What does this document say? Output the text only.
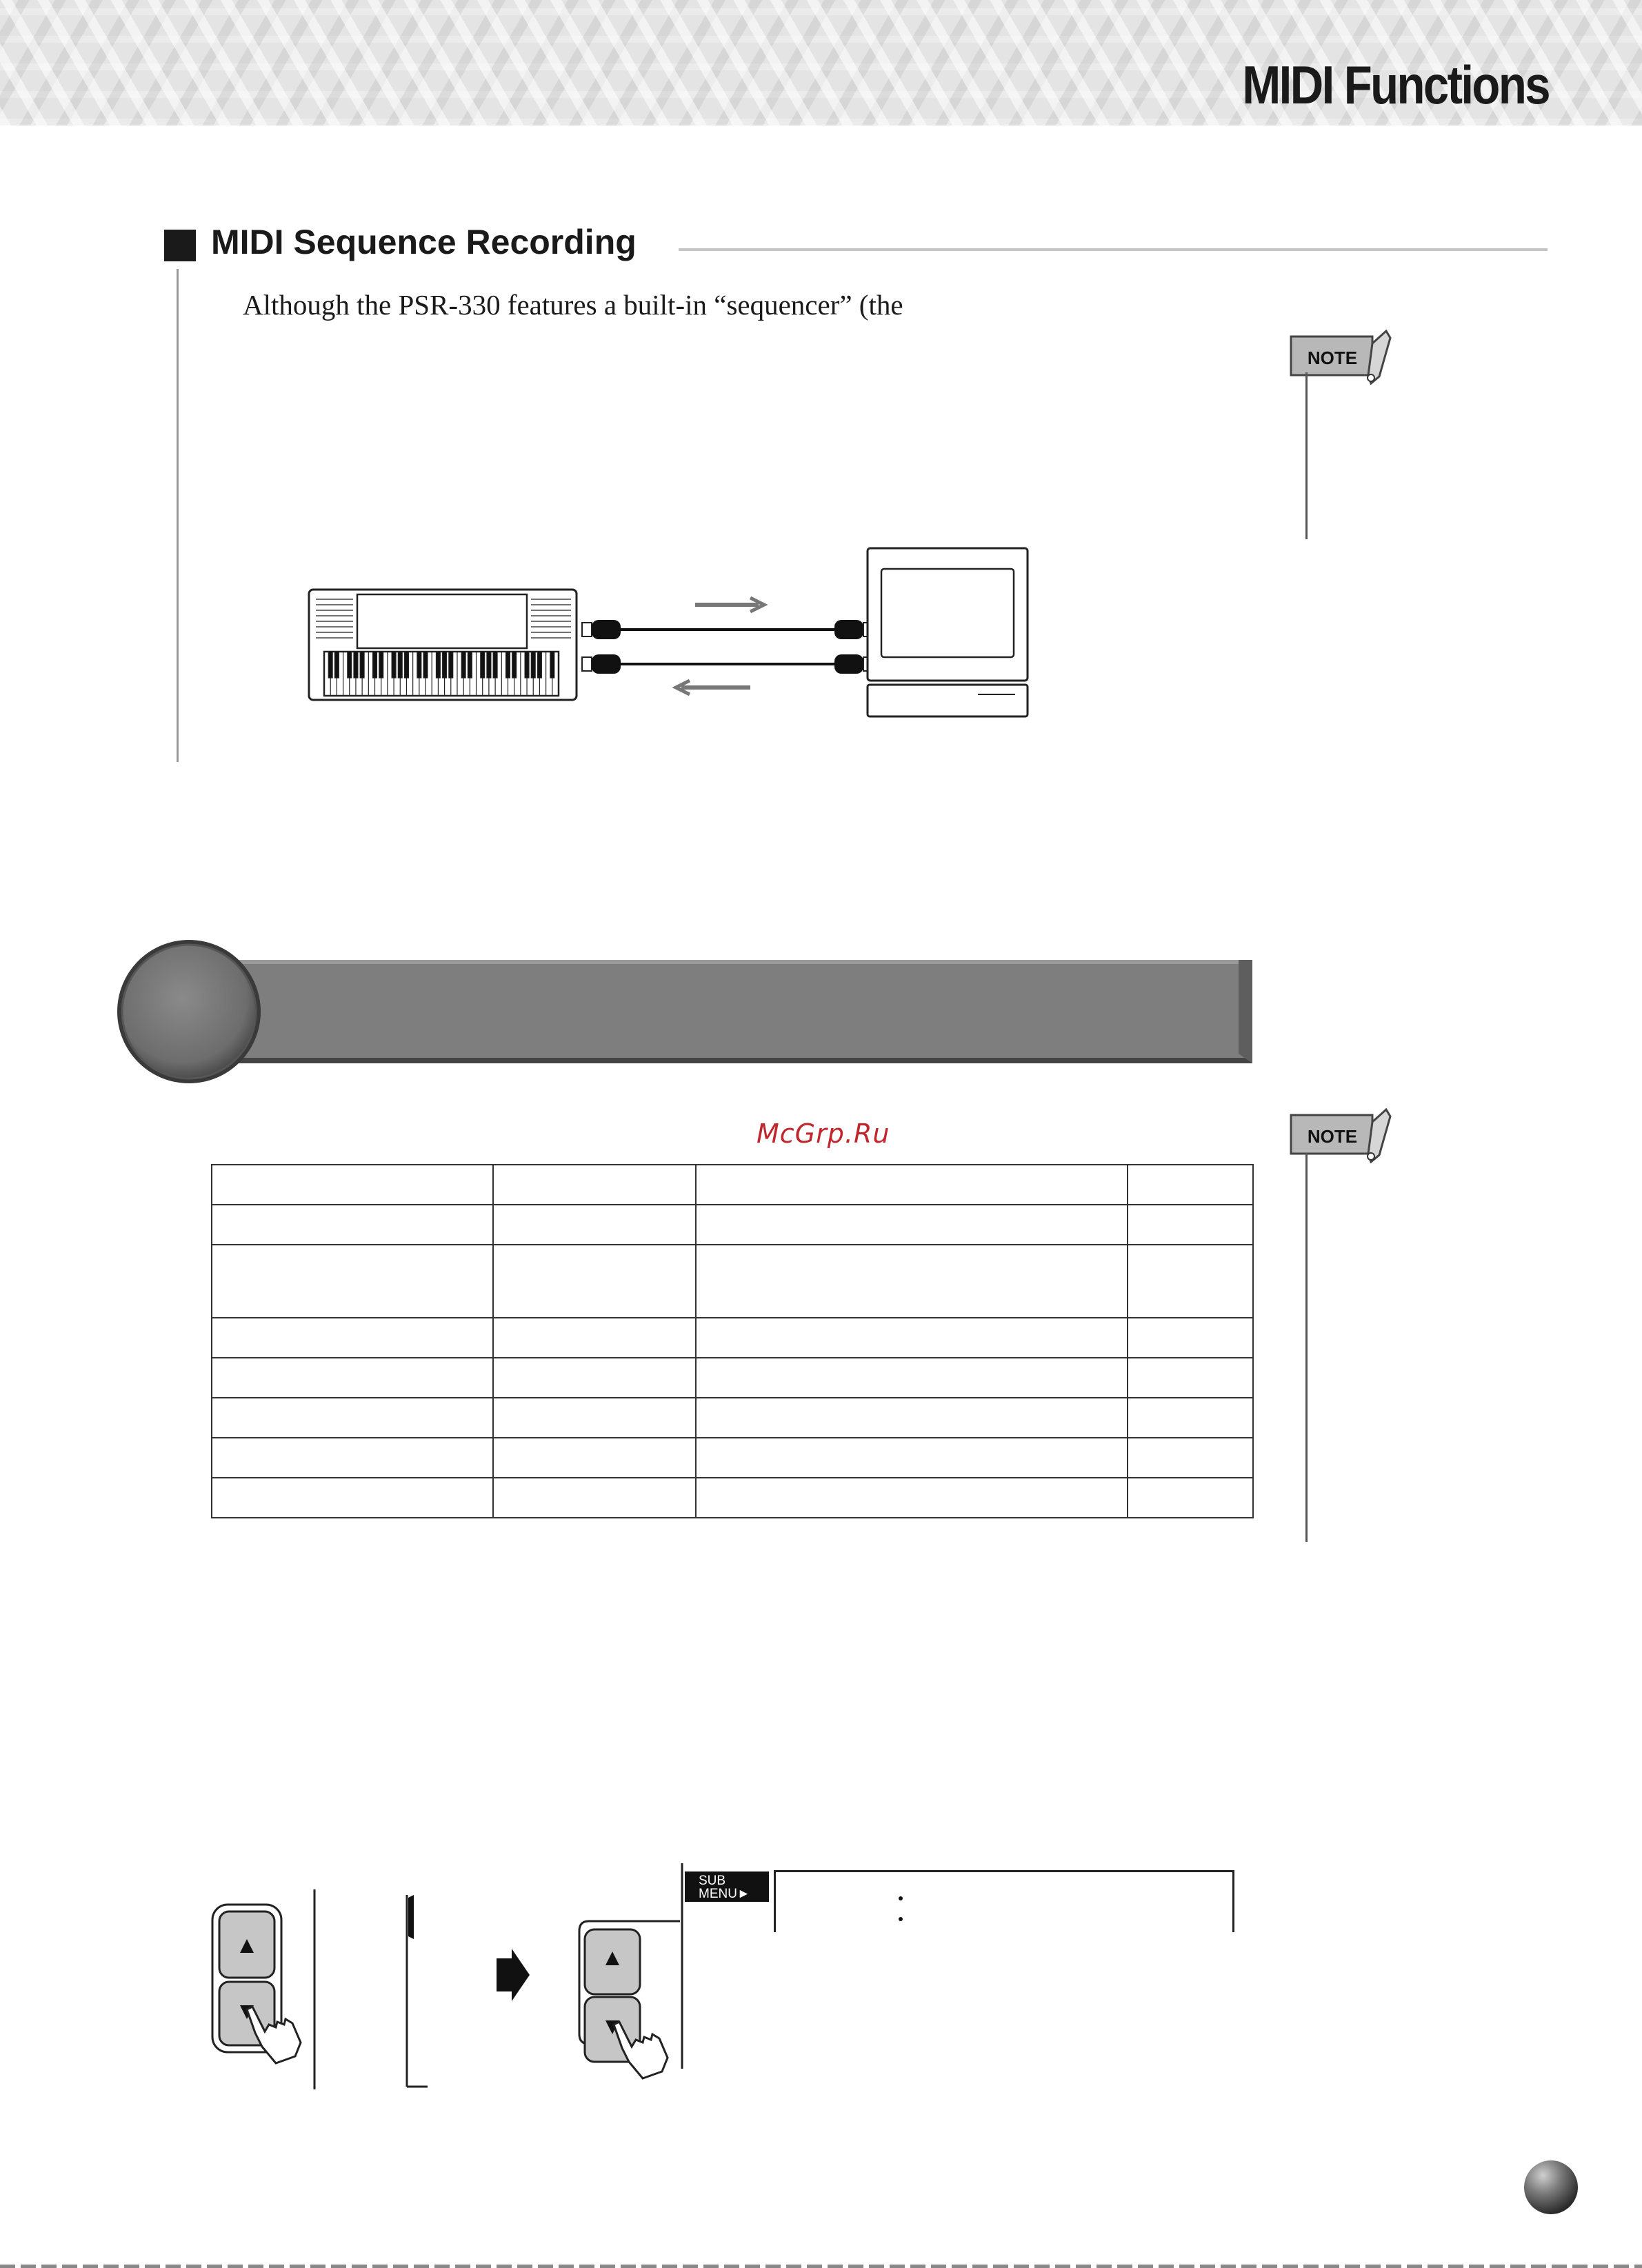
MIDI Functions
MIDI Sequence Recording
Although the PSR-330 features a built-in “sequencer” (the
NOTE
McGrp.Ru	NOTE

SUB
MENU►
